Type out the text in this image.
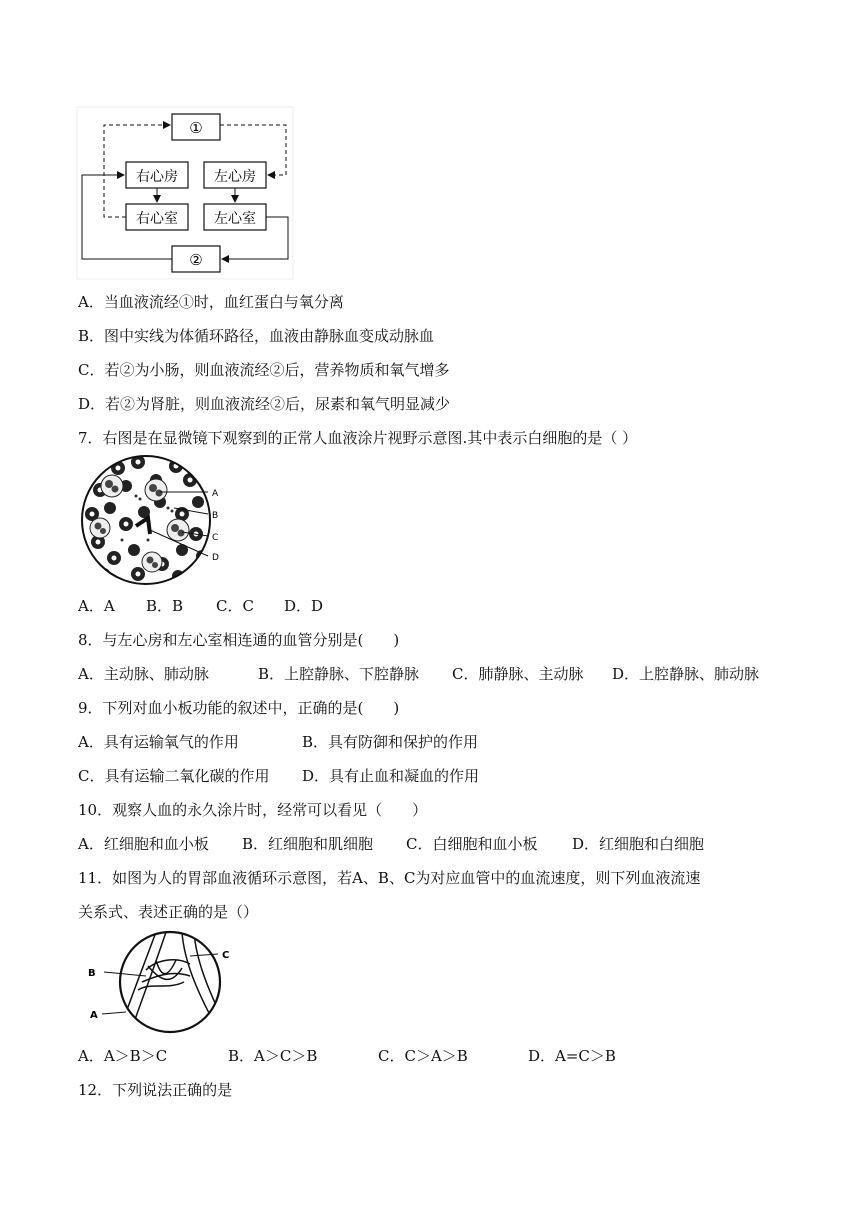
①
右心房	左心房
右心室	左心室
②
A．当血液流经①时，血红蛋白与氧分离
B．图中实线为体循环路径，血液由静脉血变成动脉血
C．若②为小肠，则血液流经②后，营养物质和氧气增多
D．若②为肾脏，则血液流经②后，尿素和氧气明显减少
7．右图是在显微镜下观察到的正常人血液涂片视野示意图.其中表示白细胞的是（ ）
A
B
C
D
A．A B．B C．C D．D
8．与左心房和左心室相连通的血管分别是(　　)
A．主动脉、肺动脉	B．上腔静脉、下腔静脉 C．肺静脉、主动脉 D．上腔静脉、肺动脉
9．下列对血小板功能的叙述中，正确的是(　　)
A．具有运输氧气的作用	B．具有防御和保护的作用
C．具有运输二氧化碳的作用 D．具有止血和凝血的作用
10．观察人血的永久涂片时，经常可以看见（　　）
A．红细胞和血小板 B．红细胞和肌细胞 C．白细胞和血小板 D．红细胞和白细胞
11．如图为人的胃部血液循环示意图，若A、B、C为对应血管中的血流速度，则下列血液流速
关系式、表述正确的是（）
B
C
A
A．A＞B＞C	B．A＞C＞B	C．C＞A＞B	D．A=C＞B
12．下列说法正确的是
